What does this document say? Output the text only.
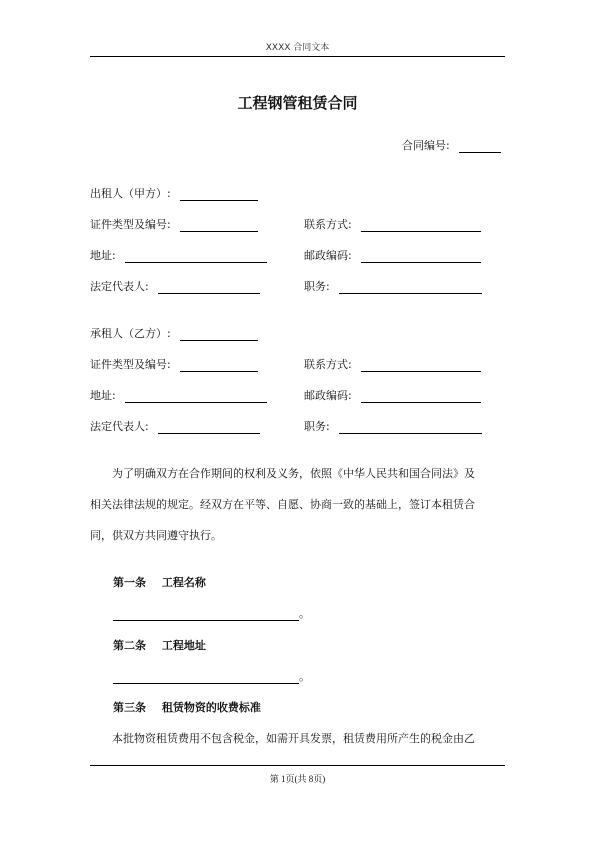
XXXX 合同文本
工程钢管租赁合同
合同编号:
出租人（甲方）:
证件类型及编号:	联系方式:
地址:	邮政编码:
法定代表人:	职务:
承租人（乙方）:
证件类型及编号:	联系方式:
地址:	邮政编码:
法定代表人:	职务:
为了明确双方在合作期间的权利及义务，依照《中华人民共和国合同法》及
相关法律法规的规定。经双方在平等、自愿、协商一致的基础上，签订本租赁合
同，供双方共同遵守执行。
第一条 工程名称
。
第二条 工程地址
。
第三条 租赁物资的收费标准
本批物资租赁费用不包含税金，如需开具发票，租赁费用所产生的税金由乙
第 1页(共 8页)
